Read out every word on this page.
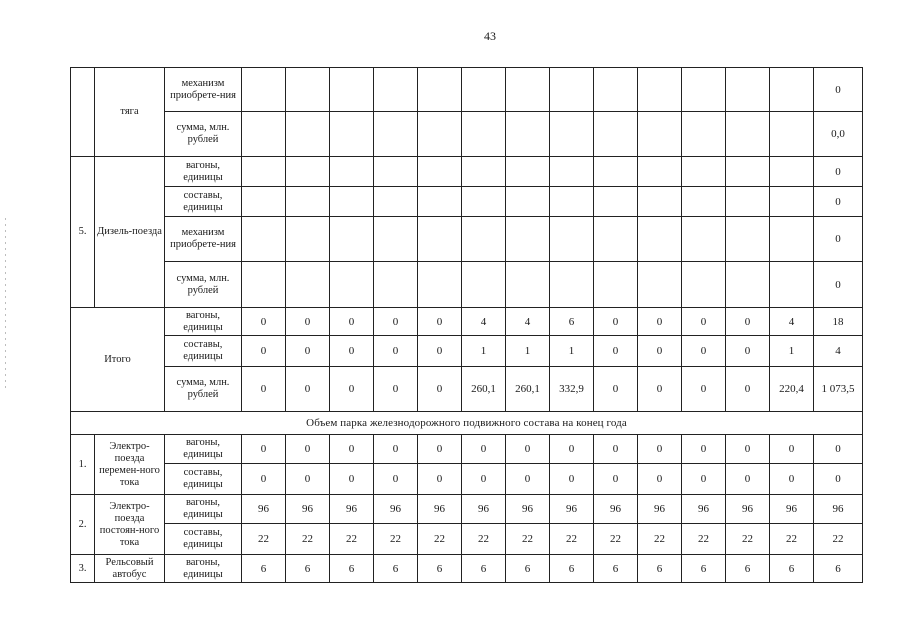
43
	тяга	механизм приобрете-ния														0
		сумма, млн. рублей														0,0
5.	Дизель-поезда	вагоны, единицы														0
		составы, единицы														0
		механизм приобрете-ния														0
		сумма, млн. рублей														0
Итого		вагоны, единицы	0	0	0	0	0	4	4	6	0	0	0	0	4	18
		составы, единицы	0	0	0	0	0	1	1	1	0	0	0	0	1	4
		сумма, млн. рублей	0	0	0	0	0	260,1	260,1	332,9	0	0	0	0	220,4	1 073,5
Объем парка железнодорожного подвижного состава на конец года																
1.	Электро-поезда перемен-ного тока	вагоны, единицы	0	0	0	0	0	0	0	0	0	0	0	0	0	0
		составы, единицы	0	0	0	0	0	0	0	0	0	0	0	0	0	0
2.	Электро-поезда постоян-ного тока	вагоны, единицы	96	96	96	96	96	96	96	96	96	96	96	96	96	96
		составы, единицы	22	22	22	22	22	22	22	22	22	22	22	22	22	22
3.	Рельсовый автобус	вагоны, единицы	6	6	6	6	6	6	6	6	6	6	6	6	6	6
